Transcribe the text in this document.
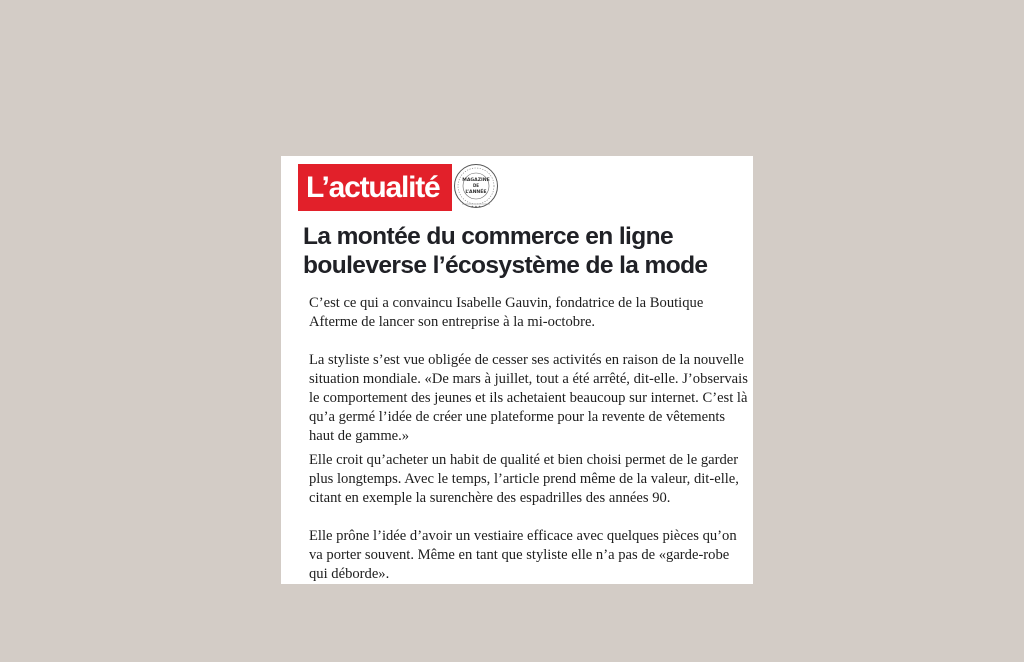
L’actualité	MAGAZINE
DE
L’ANNÉE
★ ★ ★
La montée du commerce en ligne
bouleverse l’écosystème de la mode

C’est ce qui a convaincu Isabelle Gauvin, fondatrice de la Boutique Afterme de lancer son entreprise à la mi-octobre.

La styliste s’est vue obligée de cesser ses activités en raison de la nouvelle situation mondiale. «De mars à juillet, tout a été arrêté, dit-elle. J’observais le comportement des jeunes et ils achetaient beaucoup sur internet. C’est là qu’a germé l’idée de créer une plateforme pour la revente de vêtements haut de gamme.»

Elle croit qu’acheter un habit de qualité et bien choisi permet de le garder plus longtemps. Avec le temps, l’article prend même de la valeur, dit-elle, citant en exemple la surenchère des espadrilles des années 90.

Elle prône l’idée d’avoir un vestiaire efficace avec quelques pièces qu’on va porter souvent. Même en tant que styliste elle n’a pas de «garde-robe qui déborde».
